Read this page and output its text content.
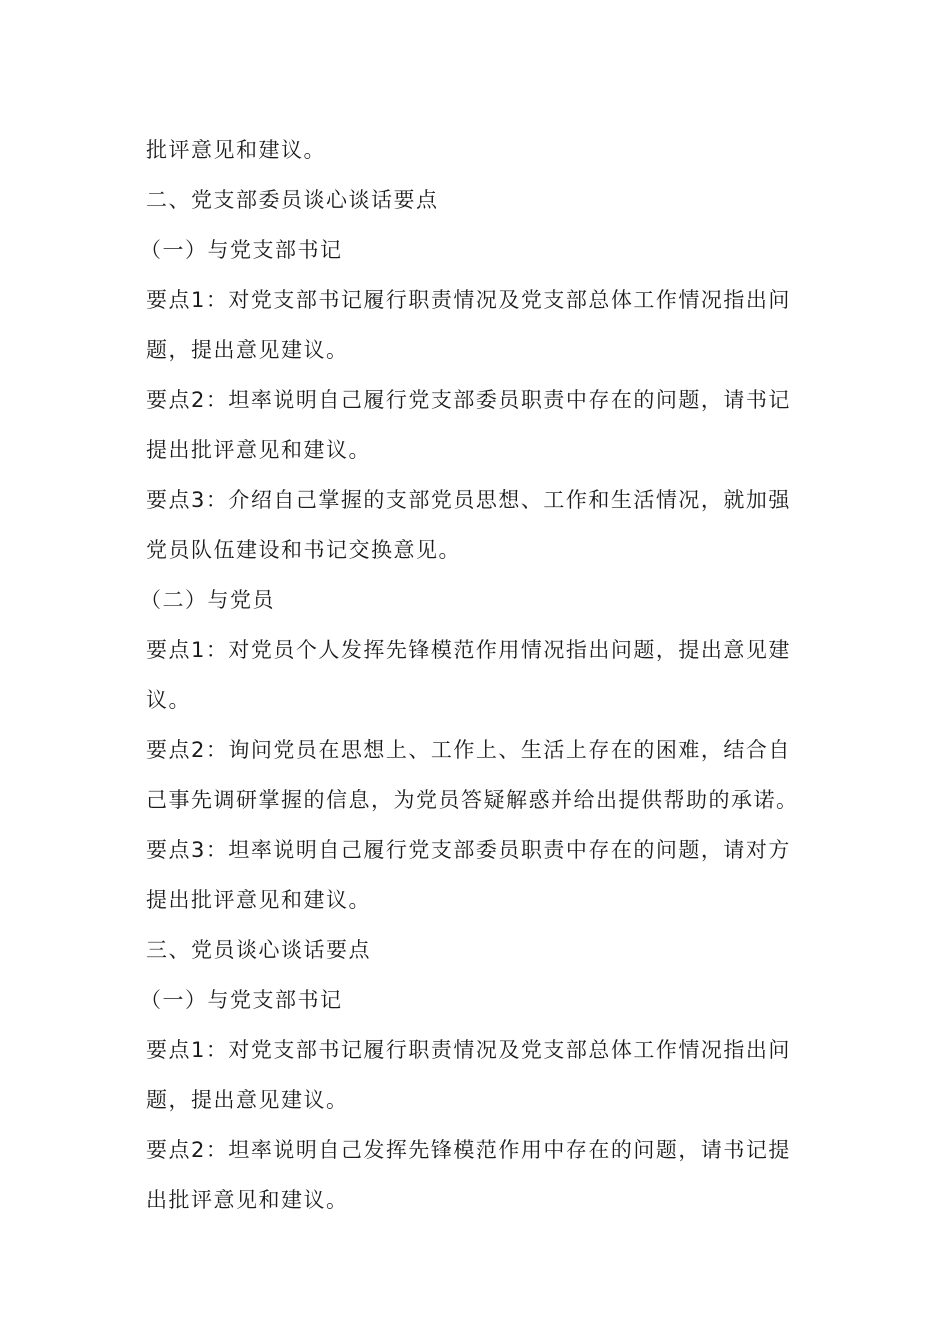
批评意见和建议。
二、党支部委员谈心谈话要点
（一）与党支部书记
要点1：对党支部书记履行职责情况及党支部总体工作情况指出问
题，提出意见建议。
要点2：坦率说明自己履行党支部委员职责中存在的问题，请书记
提出批评意见和建议。
要点3：介绍自己掌握的支部党员思想、工作和生活情况，就加强
党员队伍建设和书记交换意见。
（二）与党员
要点1：对党员个人发挥先锋模范作用情况指出问题，提出意见建
议。
要点2：询问党员在思想上、工作上、生活上存在的困难，结合自
己事先调研掌握的信息，为党员答疑解惑并给出提供帮助的承诺。
要点3：坦率说明自己履行党支部委员职责中存在的问题，请对方
提出批评意见和建议。
三、党员谈心谈话要点
（一）与党支部书记
要点1：对党支部书记履行职责情况及党支部总体工作情况指出问
题，提出意见建议。
要点2：坦率说明自己发挥先锋模范作用中存在的问题，请书记提
出批评意见和建议。
